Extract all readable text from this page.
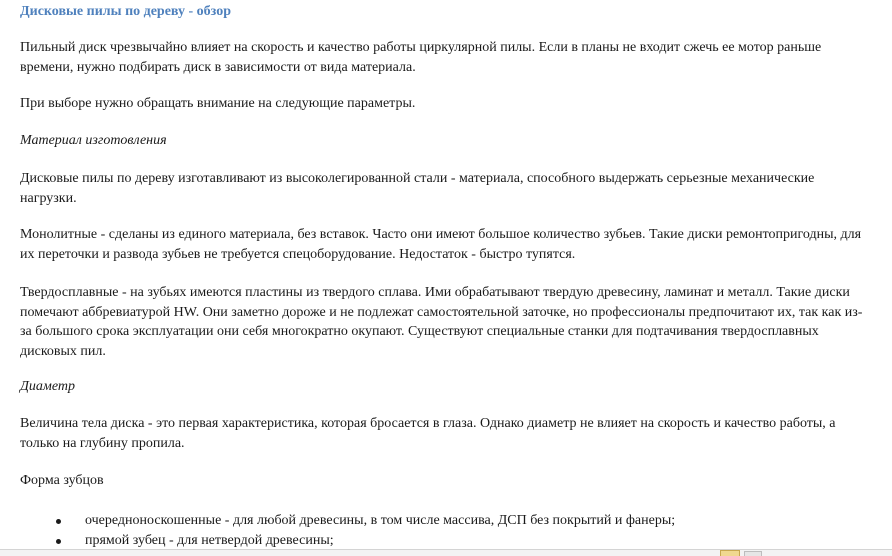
Дисковые пилы по дереву - обзор

Пильный диск чрезвычайно влияет на скорость и качество работы циркулярной пилы. Если в планы не входит сжечь ее мотор раньше времени, нужно подбирать диск в зависимости от вида материала.

При выборе нужно обращать внимание на следующие параметры.

Материал изготовления

Дисковые пилы по дереву изготавливают из высоколегированной стали - материала, способного выдержать серьезные механические нагрузки.

Монолитные - сделаны из единого материала, без вставок. Часто они имеют большое количество зубьев. Такие диски ремонтопригодны, для их переточки и развода зубьев не требуется спецоборудование. Недостаток - быстро тупятся.

Твердосплавные - на зубьях имеются пластины из твердого сплава. Ими обрабатывают твердую древесину, ламинат и металл. Такие диски помечают аббревиатурой HW. Они заметно дороже и не подлежат самостоятельной заточке, но профессионалы предпочитают их, так как из-за большого срока эксплуатации они себя многократно окупают. Существуют специальные станки для подтачивания твердосплавных дисковых пил.

Диаметр

Величина тела диска - это первая характеристика, которая бросается в глаза. Однако диаметр не влияет на скорость и качество работы, а только на глубину пропила.

Форма зубцов

очередноноскошенные - для любой древесины, в том числе массива, ДСП без покрытий и фанеры;
прямой зубец - для нетвердой древесины;
